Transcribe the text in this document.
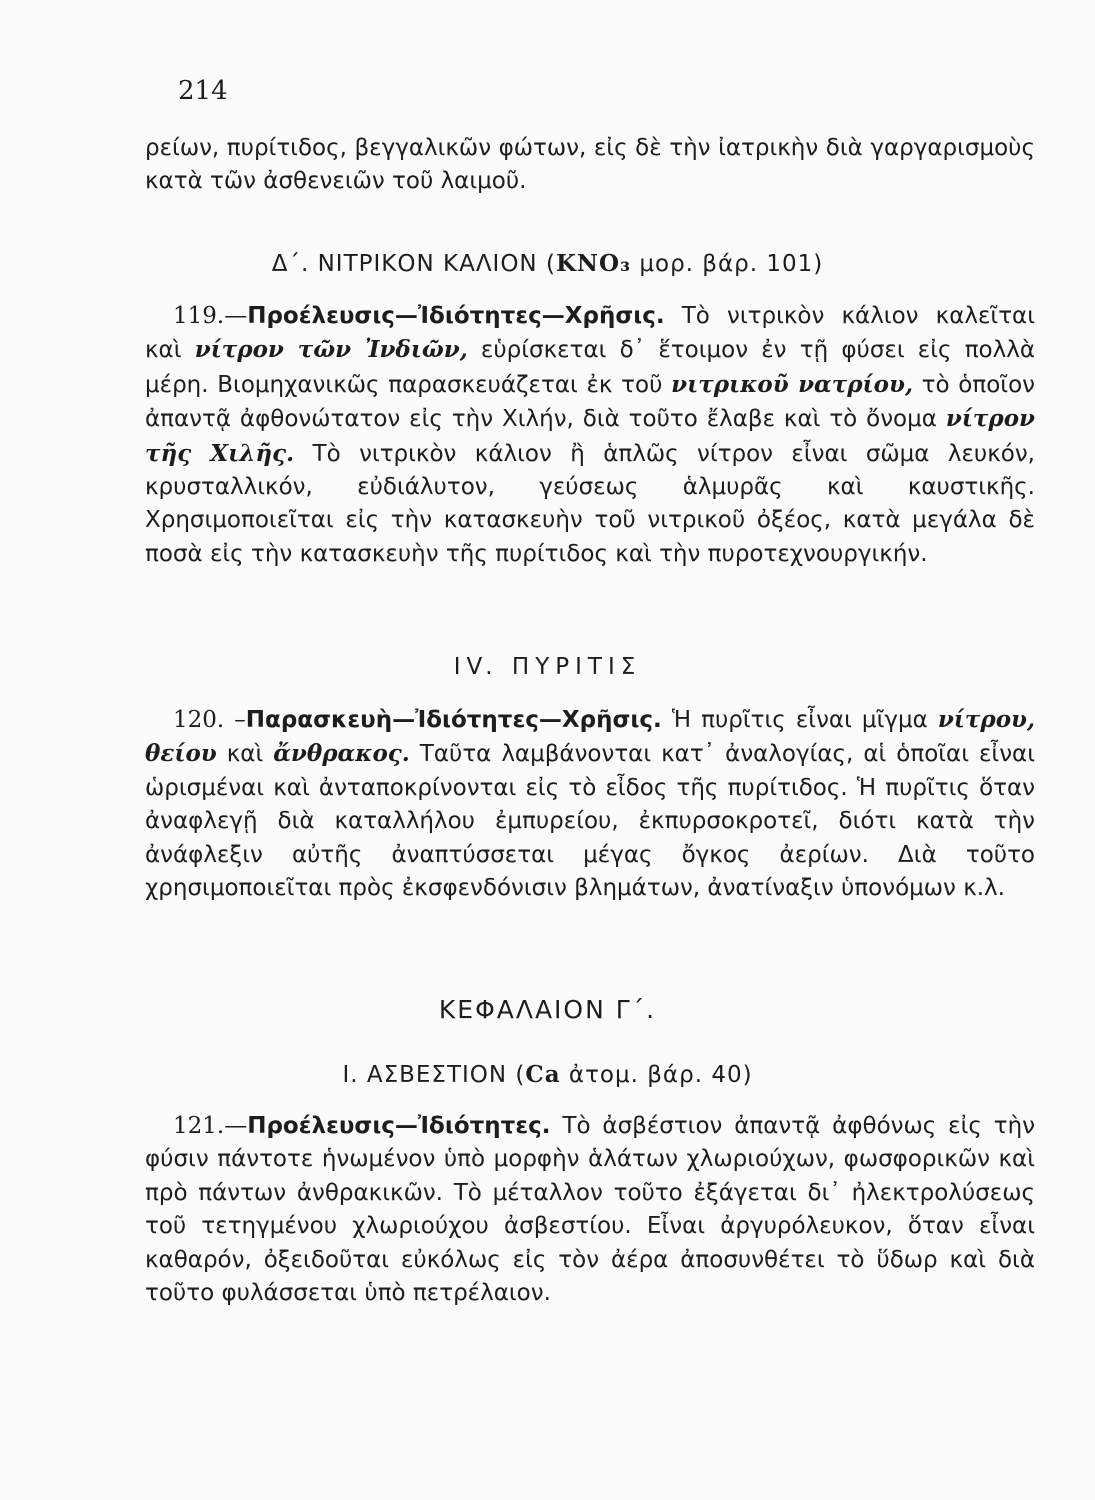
214

ρείων, πυρίτιδος, βεγγαλικῶν φώτων, εἰς δὲ τὴν ἰατρικὴν διὰ γαργαρισμοὺς κατὰ τῶν ἀσθενειῶν τοῦ λαιμοῦ.

Δ΄. ΝΙΤΡΙΚΟΝ ΚΑΛΙΟΝ (KNO₃ μορ. βάρ. 101)

119.—Προέλευσις—Ἰδιότητες—Χρῆσις. Τὸ νιτρικὸν κάλιον καλεῖται καὶ νίτρον τῶν Ἰνδιῶν, εὑρίσκεται δ᾿ ἕτοιμον ἐν τῇ φύσει εἰς πολλὰ μέρη. Βιομηχανικῶς παρασκευάζεται ἐκ τοῦ νιτρικοῦ νατρίου, τὸ ὁποῖον ἀπαντᾷ ἀφθονώτατον εἰς τὴν Χιλήν, διὰ τοῦτο ἔλαβε καὶ τὸ ὄνομα νίτρον τῆς Χιλῆς. Τὸ νιτρικὸν κάλιον ἢ ἁπλῶς νίτρον εἶναι σῶμα λευκόν, κρυσταλλικόν, εὐδιάλυτον, γεύσεως ἁλμυρᾶς καὶ καυστικῆς. Χρησιμοποιεῖται εἰς τὴν κατασκευὴν τοῦ νιτρικοῦ ὀξέος, κατὰ μεγάλα δὲ ποσὰ εἰς τὴν κατασκευὴν τῆς πυρίτιδος καὶ τὴν πυροτεχνουργικήν.

IV. ΠΥΡΙΤΙΣ

120. –Παρασκευὴ—Ἰδιότητες—Χρῆσις. Ἡ πυρῖτις εἶναι μῖγμα νίτρου, θείου καὶ ἄνθρακος. Ταῦτα λαμβάνονται κατ᾿ ἀναλογίας, αἱ ὁποῖαι εἶναι ὡρισμέναι καὶ ἀνταποκρίνονται εἰς τὸ εἶδος τῆς πυρίτιδος. Ἡ πυρῖτις ὅταν ἀναφλεγῇ διὰ καταλλήλου ἐμπυρείου, ἐκπυρσοκροτεῖ, διότι κατὰ τὴν ἀνάφλεξιν αὐτῆς ἀναπτύσσεται μέγας ὄγκος ἀερίων. Διὰ τοῦτο χρησιμοποιεῖται πρὸς ἐκσφενδόνισιν βλημάτων, ἀνατίναξιν ὑπονόμων κ.λ.

ΚΕΦΑΛΑΙΟΝ Γ΄.
I. ΑΣΒΕΣΤΙΟΝ (Ca ἀτομ. βάρ. 40)

121.—Προέλευσις—Ἰδιότητες. Τὸ ἀσβέστιον ἀπαντᾷ ἀφθόνως εἰς τὴν φύσιν πάντοτε ἡνωμένον ὑπὸ μορφὴν ἁλάτων χλωριούχων, φωσφορικῶν καὶ πρὸ πάντων ἀνθρακικῶν. Τὸ μέταλλον τοῦτο ἐξάγεται δι᾿ ἠλεκτρολύσεως τοῦ τετηγμένου χλωριούχου ἀσβεστίου. Εἶναι ἀργυρόλευκον, ὅταν εἶναι καθαρόν, ὀξειδοῦται εὐκόλως εἰς τὸν ἀέρα ἀποσυνθέτει τὸ ὕδωρ καὶ διὰ τοῦτο φυλάσσεται ὑπὸ πετρέλαιον.
